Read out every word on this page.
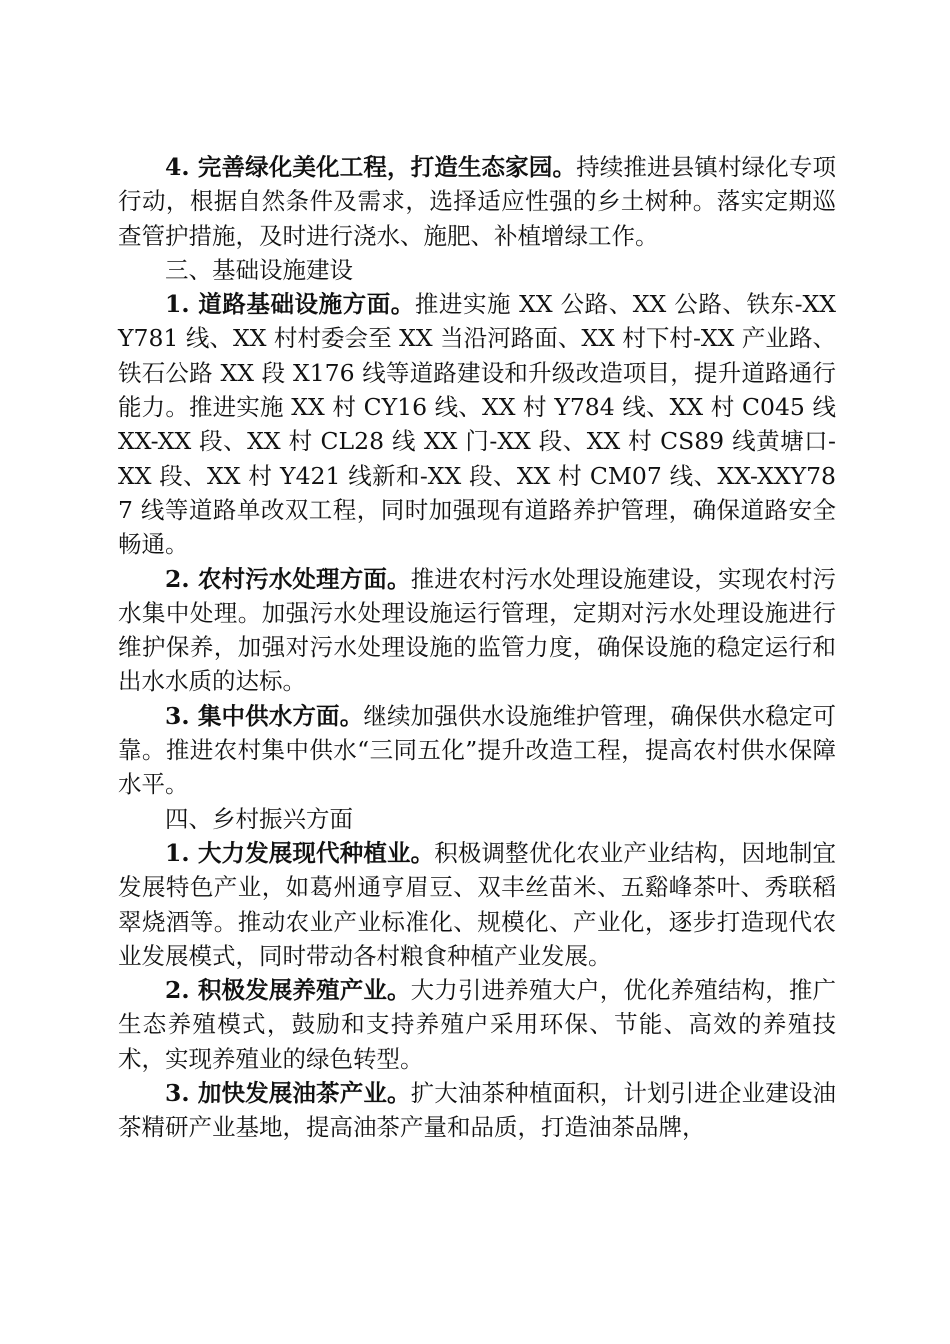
4. 完善绿化美化工程，打造生态家园。持续推进县镇村绿化专项行动，根据自然条件及需求，选择适应性强的乡土树种。落实定期巡查管护措施，及时进行浇水、施肥、补植增绿工作。

三、基础设施建设

1. 道路基础设施方面。推进实施 XX 公路、XX 公路、铁东-XXY781 线、XX 村村委会至 XX 当沿河路面、XX 村下村-XX 产业路、铁石公路 XX 段 X176 线等道路建设和升级改造项目，提升道路通行能力。推进实施 XX 村 CY16 线、XX 村 Y784 线、XX 村 C045 线 XX-XX 段、XX 村 CL28 线 XX 门-XX 段、XX 村 CS89 线黄塘口-XX 段、XX 村 Y421 线新和-XX 段、XX 村 CM07 线、XX-XXY787 线等道路单改双工程，同时加强现有道路养护管理，确保道路安全畅通。

2. 农村污水处理方面。推进农村污水处理设施建设，实现农村污水集中处理。加强污水处理设施运行管理，定期对污水处理设施进行维护保养，加强对污水处理设施的监管力度，确保设施的稳定运行和出水水质的达标。

3. 集中供水方面。继续加强供水设施维护管理，确保供水稳定可靠。推进农村集中供水“三同五化”提升改造工程，提高农村供水保障水平。

四、乡村振兴方面

1. 大力发展现代种植业。积极调整优化农业产业结构，因地制宜发展特色产业，如葛州通亨眉豆、双丰丝苗米、五谿峰茶叶、秀联稻翠烧酒等。推动农业产业标准化、规模化、产业化，逐步打造现代农业发展模式，同时带动各村粮食种植产业发展。

2. 积极发展养殖产业。大力引进养殖大户，优化养殖结构，推广生态养殖模式，鼓励和支持养殖户采用环保、节能、高效的养殖技术，实现养殖业的绿色转型。

3. 加快发展油茶产业。扩大油茶种植面积，计划引进企业建设油茶精研产业基地，提高油茶产量和品质，打造油茶品牌，
